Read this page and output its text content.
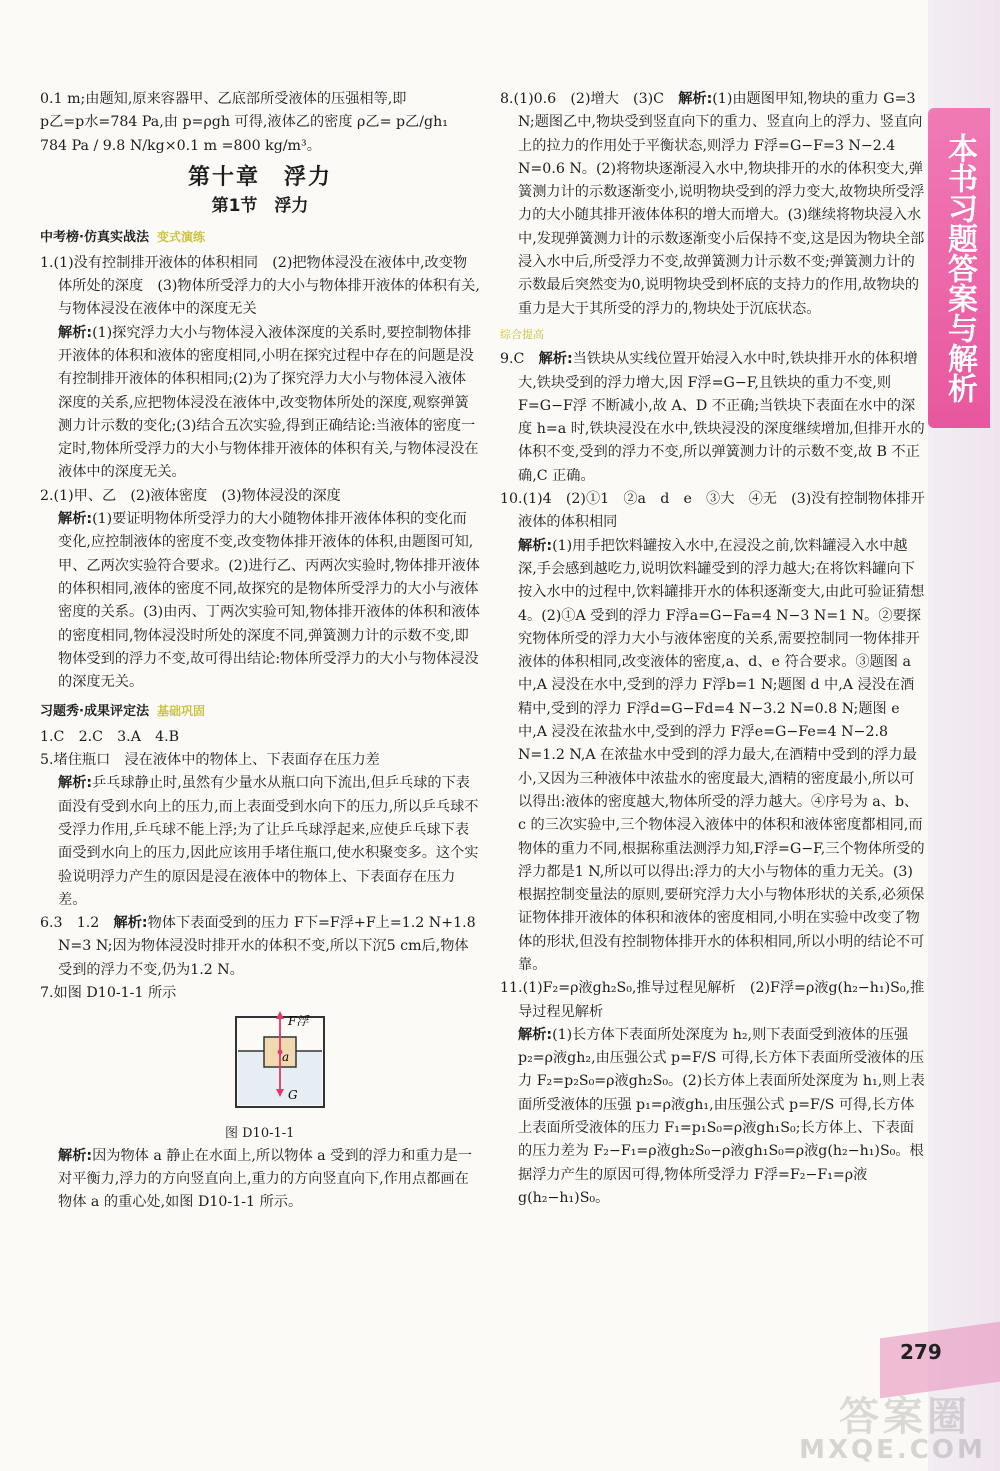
本书习题答案与解析

0.1 m;由题知,原来容器甲、乙底部所受液体的压强相等,即

p乙=p水=784 Pa,由 p=ρgh 可得,液体乙的密度 ρ乙= p乙/gh₁

784 Pa / 9.8 N/kg×0.1 m =800 kg/m³。

第十章　浮力
第1节　浮力
中考榜·仿真实战法 变式演练

1.(1)没有控制排开液体的体积相同　(2)把物体浸没在液体中,改变物体所处的深度　(3)物体所受浮力的大小与物体排开液体的体积有关,与物体浸没在液体中的深度无关

解析:(1)探究浮力大小与物体浸入液体深度的关系时,要控制物体排开液体的体积和液体的密度相同,小明在探究过程中存在的问题是没有控制排开液体的体积相同;(2)为了探究浮力大小与物体浸入液体深度的关系,应把物体浸没在液体中,改变物体所处的深度,观察弹簧测力计示数的变化;(3)结合五次实验,得到正确结论:当液体的密度一定时,物体所受浮力的大小与物体排开液体的体积有关,与物体浸没在液体中的深度无关。

2.(1)甲、乙　(2)液体密度　(3)物体浸没的深度

解析:(1)要证明物体所受浮力的大小随物体排开液体体积的变化而变化,应控制液体的密度不变,改变物体排开液体的体积,由题图可知,甲、乙两次实验符合要求。(2)进行乙、丙两次实验时,物体排开液体的体积相同,液体的密度不同,故探究的是物体所受浮力的大小与液体密度的关系。(3)由丙、丁两次实验可知,物体排开液体的体积和液体的密度相同,物体浸没时所处的深度不同,弹簧测力计的示数不变,即物体受到的浮力不变,故可得出结论:物体所受浮力的大小与物体浸没的深度无关。

习题秀·成果评定法 基础巩固

1.C　2.C　3.A　4.B

5.堵住瓶口　浸在液体中的物体上、下表面存在压力差

解析:乒乓球静止时,虽然有少量水从瓶口向下流出,但乒乓球的下表面没有受到水向上的压力,而上表面受到水向下的压力,所以乒乓球不受浮力作用,乒乓球不能上浮;为了让乒乓球浮起来,应使乒乓球下表面受到水向上的压力,因此应该用手堵住瓶口,使水积聚变多。这个实验说明浮力产生的原因是浸在液体中的物体上、下表面存在压力差。

6.3　1.2　 解析:物体下表面受到的压力 F下=F浮+F上=1.2 N+1.8 N=3 N;因为物体浸没时排开水的体积不变,所以下沉5 cm后,物体受到的浮力不变,仍为1.2 N。

7.如图 D10-1-1 所示

F浮
a
G
图 D10-1-1

解析:因为物体 a 静止在水面上,所以物体 a 受到的浮力和重力是一对平衡力,浮力的方向竖直向上,重力的方向竖直向下,作用点都画在物体 a 的重心处,如图 D10-1-1 所示。

8.(1)0.6　(2)增大　(3)C　 解析:(1)由题图甲知,物块的重力 G=3 N;题图乙中,物块受到竖直向下的重力、竖直向上的浮力、竖直向上的拉力的作用处于平衡状态,则浮力 F浮=G−F=3 N−2.4 N=0.6 N。(2)将物块逐渐浸入水中,物块排开的水的体积变大,弹簧测力计的示数逐渐变小,说明物块受到的浮力变大,故物块所受浮力的大小随其排开液体体积的增大而增大。(3)继续将物块浸入水中,发现弹簧测力计的示数逐渐变小后保持不变,这是因为物块全部浸入水中后,所受浮力不变,故弹簧测力计示数不变;弹簧测力计的示数最后突然变为0,说明物块受到杯底的支持力的作用,故物块的重力是大于其所受的浮力的,物块处于沉底状态。

综合提高

9.C　 解析:当铁块从实线位置开始浸入水中时,铁块排开水的体积增大,铁块受到的浮力增大,因 F浮=G−F,且铁块的重力不变,则 F=G−F浮 不断减小,故 A、D 不正确;当铁块下表面在水中的深度 h=a 时,铁块浸没在水中,铁块浸没的深度继续增加,但排开水的体积不变,受到的浮力不变,所以弹簧测力计的示数不变,故 B 不正确,C 正确。

10.(1)4　(2)①1　②a　d　e　③大　④无　(3)没有控制物体排开液体的体积相同

解析:(1)用手把饮料罐按入水中,在浸没之前,饮料罐浸入水中越深,手会感到越吃力,说明饮料罐受到的浮力越大;在将饮料罐向下按入水中的过程中,饮料罐排开水的体积逐渐变大,由此可验证猜想4。(2)①A 受到的浮力 F浮a=G−Fa=4 N−3 N=1 N。②要探究物体所受的浮力大小与液体密度的关系,需要控制同一物体排开液体的体积相同,改变液体的密度,a、d、e 符合要求。③题图 a 中,A 浸没在水中,受到的浮力 F浮b=1 N;题图 d 中,A 浸没在酒精中,受到的浮力 F浮d=G−Fd=4 N−3.2 N=0.8 N;题图 e 中,A 浸没在浓盐水中,受到的浮力 F浮e=G−Fe=4 N−2.8 N=1.2 N,A 在浓盐水中受到的浮力最大,在酒精中受到的浮力最小,又因为三种液体中浓盐水的密度最大,酒精的密度最小,所以可以得出:液体的密度越大,物体所受的浮力越大。④序号为 a、b、c 的三次实验中,三个物体浸入液体中的体积和液体密度都相同,而物体的重力不同,根据称重法测浮力知,F浮=G−F,三个物体所受的浮力都是1 N,所以可以得出:浮力的大小与物体的重力无关。(3)根据控制变量法的原则,要研究浮力大小与物体形状的关系,必须保证物体排开液体的体积和液体的密度相同,小明在实验中改变了物体的形状,但没有控制物体排开水的体积相同,所以小明的结论不可靠。

11.(1)F₂=ρ液gh₂S₀,推导过程见解析　(2)F浮=ρ液g(h₂−h₁)S₀,推导过程见解析

解析:(1)长方体下表面所处深度为 h₂,则下表面受到液体的压强 p₂=ρ液gh₂,由压强公式 p=F/S 可得,长方体下表面所受液体的压力 F₂=p₂S₀=ρ液gh₂S₀。(2)长方体上表面所处深度为 h₁,则上表面所受液体的压强 p₁=ρ液gh₁,由压强公式 p=F/S 可得,长方体上表面所受液体的压力 F₁=p₁S₀=ρ液gh₁S₀;长方体上、下表面的压力差为 F₂−F₁=ρ液gh₂S₀−ρ液gh₁S₀=ρ液g(h₂−h₁)S₀。根据浮力产生的原因可得,物体所受浮力 F浮=F₂−F₁=ρ液g(h₂−h₁)S₀。

279
答案圈
MXQE.COM
